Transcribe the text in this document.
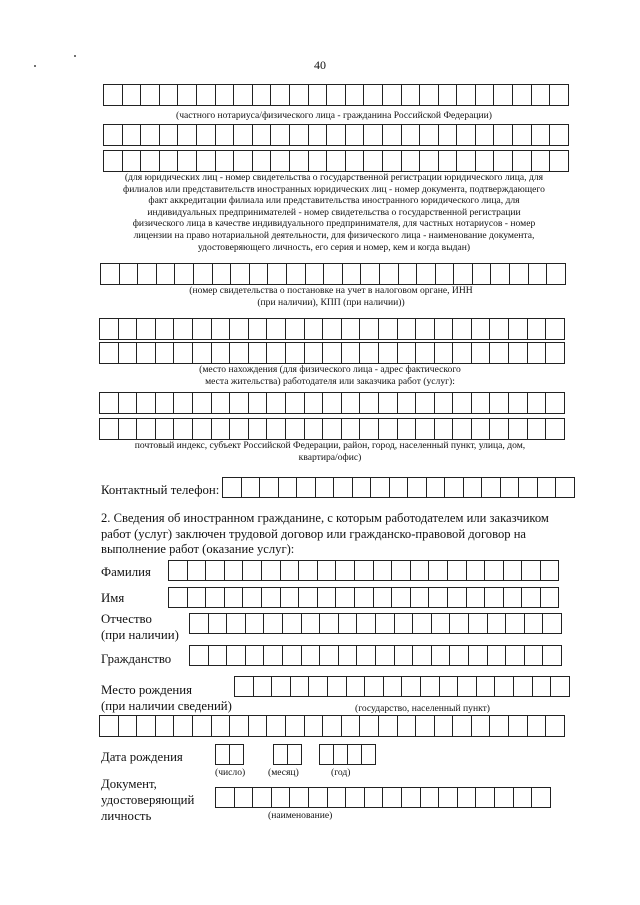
40
(частного нотариуса/физического лица - гражданина Российской Федерации)
(для юридических лиц - номер свидетельства о государственной регистрации юридического лица, для
филиалов или представительств иностранных юридических лиц - номер документа, подтверждающего
факт аккредитации филиала или представительства иностранного юридического лица, для
индивидуальных предпринимателей - номер свидетельства о государственной регистрации
физического лица в качестве индивидуального предпринимателя, для частных нотариусов - номер
лицензии на право нотариальной деятельности, для физического лица - наименование документа,
удостоверяющего личность, его серия и номер, кем и когда выдан)
(номер свидетельства о постановке на учет в налоговом органе, ИНН
(при наличии), КПП (при наличии))
(место нахождения (для физического лица - адрес фактического
места жительства) работодателя или заказчика работ (услуг):
почтовый индекс, субъект Российской Федерации, район, город, населенный пункт, улица, дом,
квартира/офис)
Контактный телефон:
2. Сведения об иностранном гражданине, с которым работодателем или заказчиком
работ (услуг) заключен трудовой договор или гражданско-правовой договор на
выполнение работ (оказание услуг):
Фамилия
Имя
Отчество
(при наличии)
Гражданство
Место рождения
(при наличии сведений)	(государство, населенный пункт)
Дата рождения
(число) (месяц)	(год)
Документ,
удостоверяющий
личность	(наименование)
